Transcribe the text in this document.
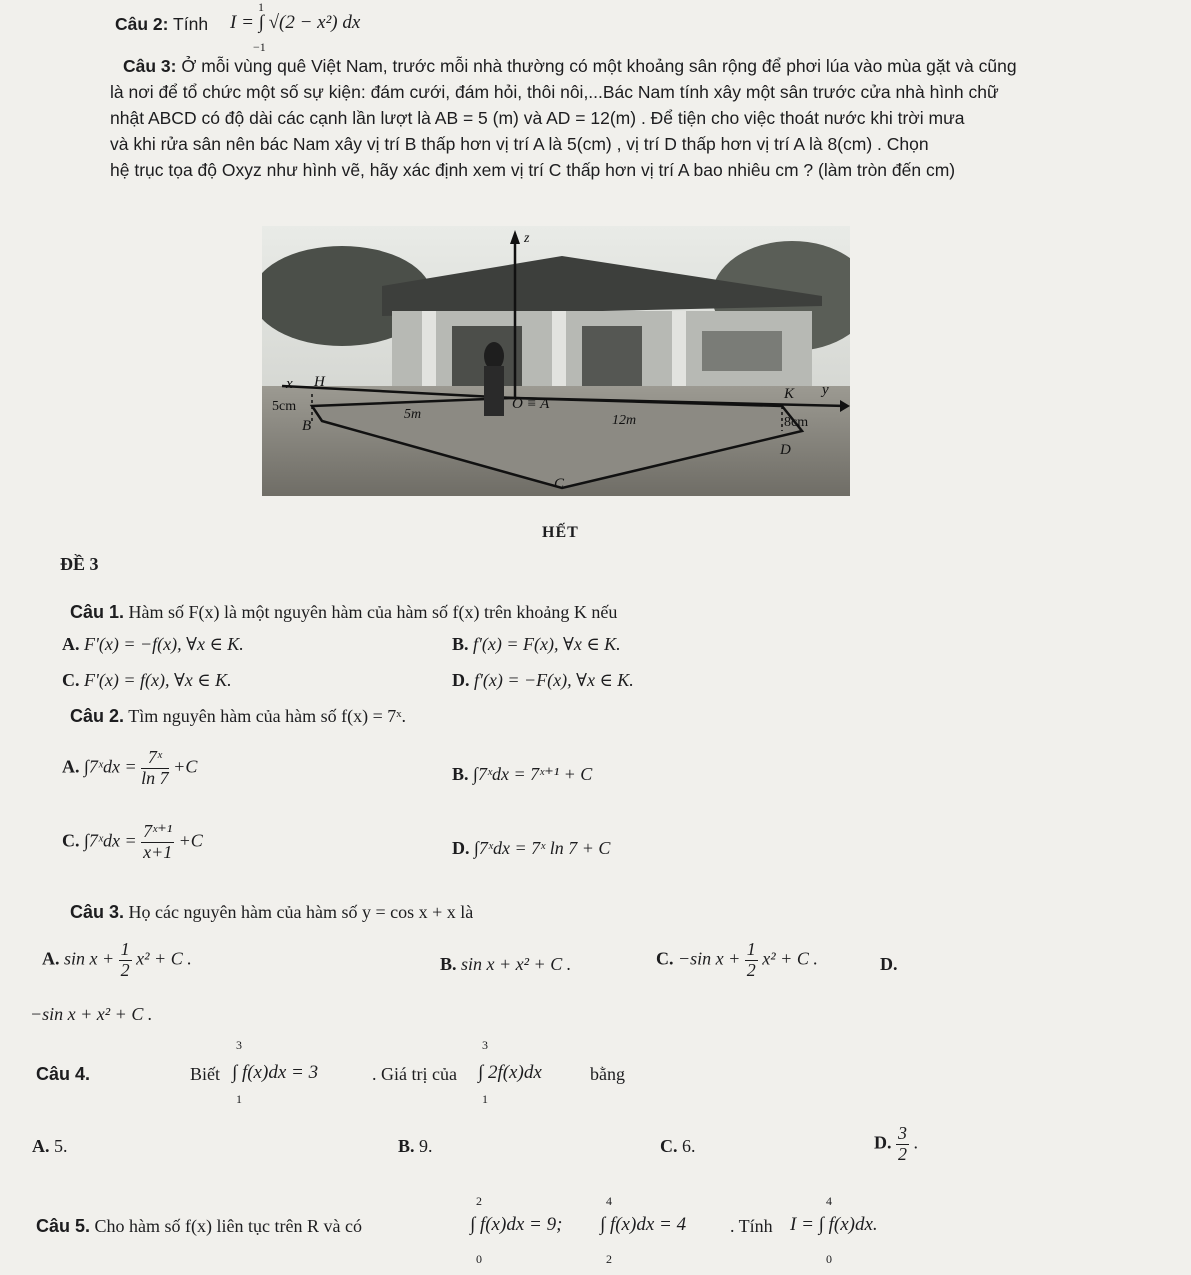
Câu 2: Tính I = ∫ √(2 − x²) dx
1
−1
Câu 3: Ở mỗi vùng quê Việt Nam, trước mỗi nhà thường có một khoảng sân rộng để phơi lúa vào mùa gặt và cũng
là nơi để tổ chức một số sự kiện: đám cưới, đám hỏi, thôi nôi,...Bác Nam tính xây một sân trước cửa nhà hình chữ
nhật ABCD có độ dài các cạnh lần lượt là AB = 5 (m) và AD = 12(m) . Để tiện cho việc thoát nước khi trời mưa
và khi rửa sân nên bác Nam xây vị trí B thấp hơn vị trí A là 5(cm) , vị trí D thấp hơn vị trí A là 8(cm) . Chọn
hệ trục tọa độ Oxyz như hình vẽ, hãy xác định xem vị trí C thấp hơn vị trí A bao nhiêu cm ? (làm tròn đến cm)
z
x H
K y
5cm
B
5m
O ≡ A
12m	8cm
D
C
HẾT
ĐỀ 3
Câu 1. Hàm số F(x) là một nguyên hàm của hàm số f(x) trên khoảng K nếu
A. F'(x) = −f(x), ∀x ∈ K.	B. f'(x) = F(x), ∀x ∈ K.
C. F'(x) = f(x), ∀x ∈ K.	D. f'(x) = −F(x), ∀x ∈ K.
Câu 2. Tìm nguyên hàm của hàm số f(x) = 7ˣ.
A. ∫7ˣdx = $\frac{\text{7ˣ}}{\ln 7} +C$	B. ∫7ˣdx = 7ˣ⁺¹ + C
C. ∫7ˣdx = $\frac{\text{7ˣ⁺¹}}{x+1} +C$	D. ∫7ˣdx = 7ˣ ln 7 + C
Câu 3. Họ các nguyên hàm của hàm số y = cos x + x là
A. $\sin x + \frac{1}{2} x^2 + C$ .	B. sin x + x² + C .	C. −sin $x + \frac{1}{2} x^2 + C$ .	D.
−sin x + x² + C .
Câu 4.	Biết ∫ f(x)dx = 3
3
1
. Giá trị của ∫ 2f(x)dx
3
1
bằng
A. 5.	B. 9.	C. 6.	D. $\frac{3}{2}$ .
Câu 5. Cho hàm số f(x) liên tục trên R và có	∫ f(x)dx = 9;
2
0
∫ f(x)dx = 4
4
2
. Tính I = ∫ f(x)dx.
4
0
